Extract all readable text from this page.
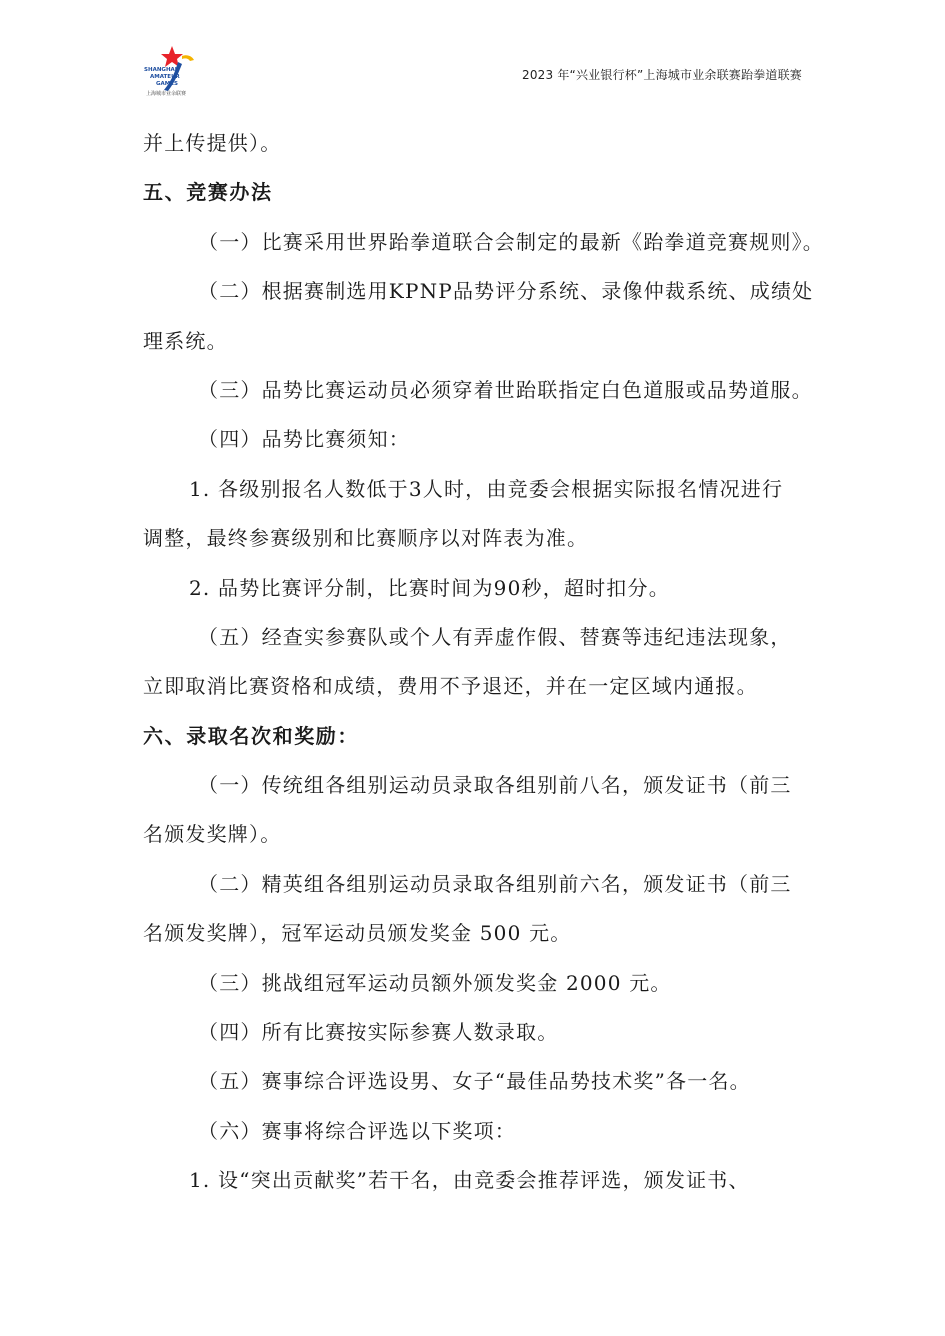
SHANGHAI
AMATEUR
GAMES
上海城市业余联赛
2023 年“兴业银行杯”上海城市业余联赛跆拳道联赛
并上传提供）。
五、竞赛办法
（一）比赛采用世界跆拳道联合会制定的最新《跆拳道竞赛规则》。
（二）根据赛制选用KPNP品势评分系统、录像仲裁系统、成绩处
理系统。
（三）品势比赛运动员必须穿着世跆联指定白色道服或品势道服。
（四）品势比赛须知：
1. 各级别报名人数低于3人时，由竞委会根据实际报名情况进行
调整，最终参赛级别和比赛顺序以对阵表为准。
2. 品势比赛评分制，比赛时间为90秒，超时扣分。
（五）经查实参赛队或个人有弄虚作假、替赛等违纪违法现象，
立即取消比赛资格和成绩，费用不予退还，并在一定区域内通报。
六、录取名次和奖励：
（一）传统组各组别运动员录取各组别前八名，颁发证书（前三
名颁发奖牌）。
（二）精英组各组别运动员录取各组别前六名，颁发证书（前三
名颁发奖牌），冠军运动员颁发奖金 500 元。
（三）挑战组冠军运动员额外颁发奖金 2000 元。
（四）所有比赛按实际参赛人数录取。
（五）赛事综合评选设男、女子“最佳品势技术奖”各一名。
（六）赛事将综合评选以下奖项：
1. 设“突出贡献奖”若干名，由竞委会推荐评选，颁发证书、
